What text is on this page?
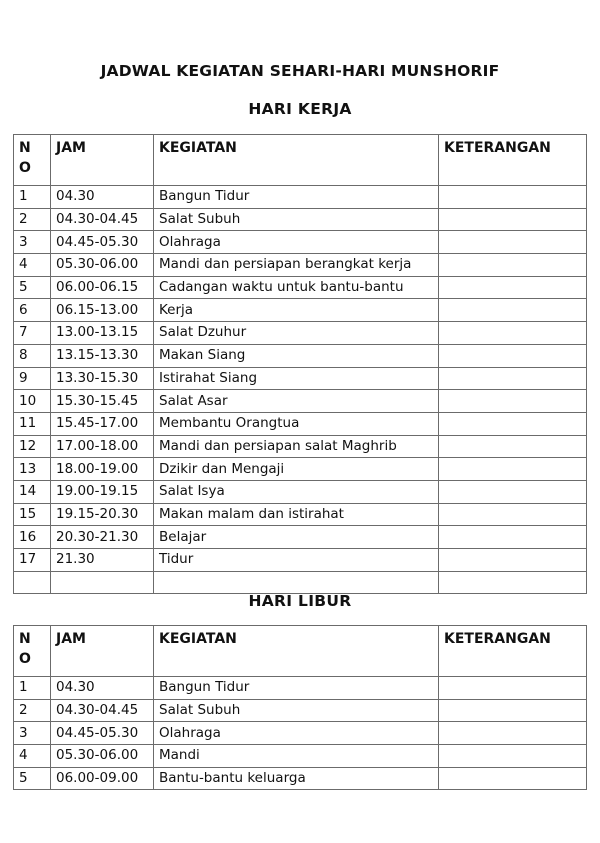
JADWAL KEGIATAN SEHARI-HARI MUNSHORIF
HARI KERJA
N
O	JAM	KEGIATAN	KETERANGAN
1	04.30	Bangun Tidur	
2	04.30-04.45	Salat Subuh	
3	04.45-05.30	Olahraga	
4	05.30-06.00	Mandi dan persiapan berangkat kerja	
5	06.00-06.15	Cadangan waktu untuk bantu-bantu	
6	06.15-13.00	Kerja	
7	13.00-13.15	Salat Dzuhur	
8	13.15-13.30	Makan Siang	
9	13.30-15.30	Istirahat Siang	
10	15.30-15.45	Salat Asar	
11	15.45-17.00	Membantu Orangtua	
12	17.00-18.00	Mandi dan persiapan salat Maghrib	
13	18.00-19.00	Dzikir dan Mengaji	
14	19.00-19.15	Salat Isya	
15	19.15-20.30	Makan malam dan istirahat	
16	20.30-21.30	Belajar	
17	21.30	Tidur	

HARI LIBUR
N
O	JAM	KEGIATAN	KETERANGAN
1	04.30	Bangun Tidur	
2	04.30-04.45	Salat Subuh	
3	04.45-05.30	Olahraga	
4	05.30-06.00	Mandi	
5	06.00-09.00	Bantu-bantu keluarga	
